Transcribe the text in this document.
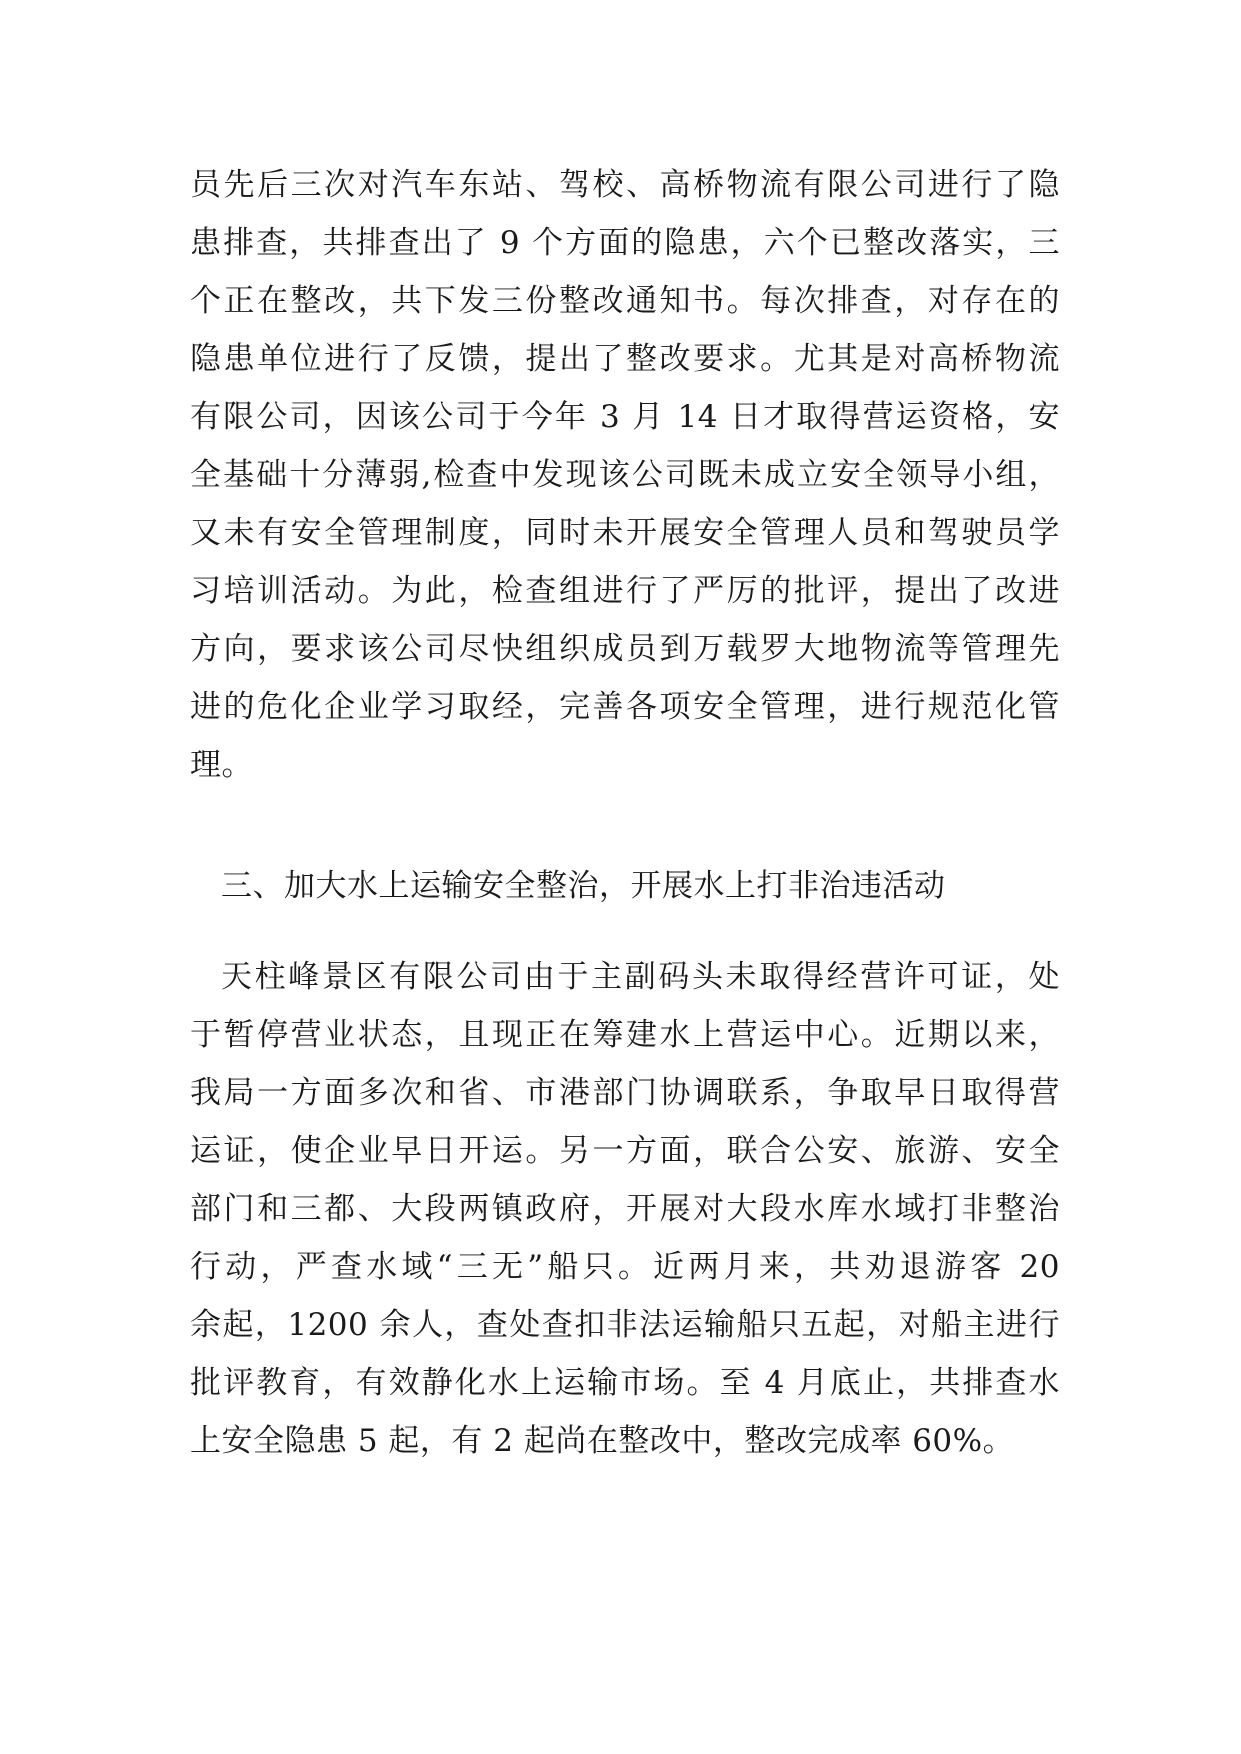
员先后三次对汽车东站、驾校、高桥物流有限公司进行了隐
患排查，共排查出了 9 个方面的隐患，六个已整改落实，三
个正在整改，共下发三份整改通知书。每次排查，对存在的
隐患单位进行了反馈，提出了整改要求。尤其是对高桥物流
有限公司，因该公司于今年 3 月 14 日才取得营运资格，安
全基础十分薄弱,检查中发现该公司既未成立安全领导小组，
又未有安全管理制度，同时未开展安全管理人员和驾驶员学
习培训活动。为此，检查组进行了严厉的批评，提出了改进
方向，要求该公司尽快组织成员到万载罗大地物流等管理先
进的危化企业学习取经，完善各项安全管理，进行规范化管
理。
三、加大水上运输安全整治，开展水上打非治违活动
天柱峰景区有限公司由于主副码头未取得经营许可证，处
于暂停营业状态，且现正在筹建水上营运中心。近期以来，
我局一方面多次和省、市港部门协调联系，争取早日取得营
运证，使企业早日开运。另一方面，联合公安、旅游、安全
部门和三都、大段两镇政府，开展对大段水库水域打非整治
行动，严查水域“三无”船只。近两月来，共劝退游客 20
余起，1200 余人，查处查扣非法运输船只五起，对船主进行
批评教育，有效静化水上运输市场。至 4 月底止，共排查水
上安全隐患 5 起，有 2 起尚在整改中，整改完成率 60%。
